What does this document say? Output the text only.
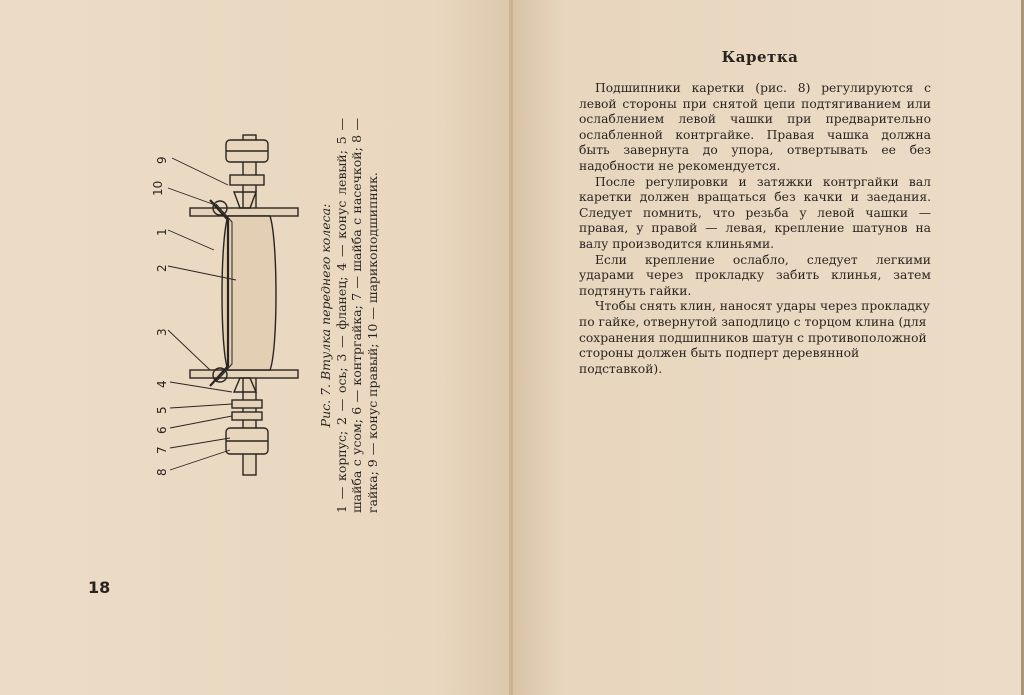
9
10
1
2
3
4
5
6
7
8
Рис. 7. Втулка переднего колеса: 1 — корпус; 2 — ось; 3 — фланец; 4 — конус левый; 5 — шайба с усом; 6 — контргайка; 7 — шайба с насечкой; 8 — гайка; 9 — конус правый; 10 — шарикоподшипник.
18
Каретка

Подшипники каретки (рис. 8) регулируются с левой стороны при снятой цепи подтягиванием или ослаблением левой чашки при предварительно ослабленной контргайке. Правая чашка должна быть завернута до упора, отвертывать ее без надобности не рекомендуется.

После регулировки и затяжки контргайки вал каретки должен вращаться без качки и заедания. Следует помнить, что резьба у левой чашки — правая, у правой — левая, крепление шатунов на валу производится клиньями.

Если крепление ослабло, следует легкими ударами через прокладку забить клинья, затем подтянуть гайки.

Чтобы снять клин, наносят удары через прокладку по гайке, отвернутой заподлицо с торцом клина (для сохранения подшипников шатун с противоположной стороны должен быть подперт деревянной подставкой).
